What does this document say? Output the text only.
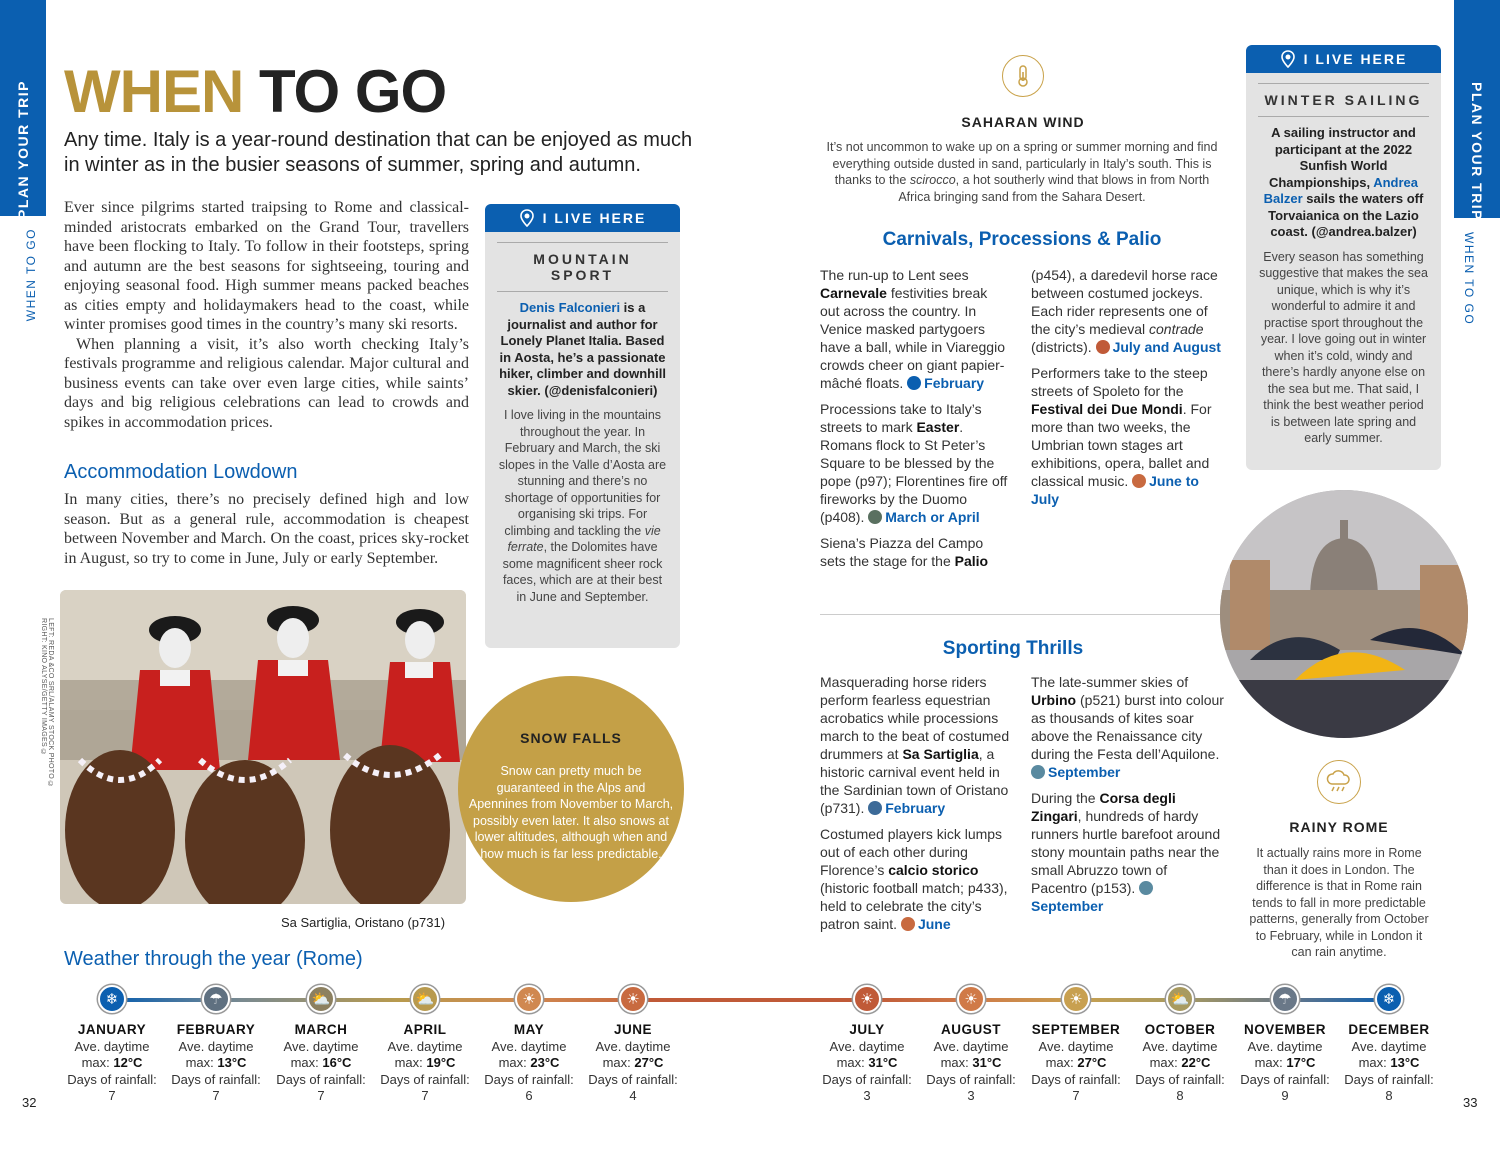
PLAN YOUR TRIP
WHEN TO GO
32
PLAN YOUR TRIP
WHEN TO GO
33
WHEN TO GO
Any time. Italy is a year-round destination that can be enjoyed as much in winter as in the busier seasons of summer, spring and autumn.

Ever since pilgrims started traipsing to Rome and classical-minded aristocrats embarked on the Grand Tour, travellers have been flocking to Italy. To follow in their footsteps, spring and autumn are the best seasons for sightseeing, touring and enjoying seasonal food. High summer means packed beaches as cities empty and holidaymakers head to the coast, while winter promises good times in the country’s many ski resorts.

When planning a visit, it’s also worth checking Italy’s festivals programme and religious calendar. Major cultural and business events can take over even large cities, while saints’ days and big religious celebrations can lead to crowds and spikes in accommodation prices.

Accommodation Lowdown
In many cities, there’s no precisely defined high and low season. But as a general rule, accommodation is cheapest between November and March. On the coast, prices sky-rocket in August, so try to come in June, July or early September.
I LIVE HERE
MOUNTAIN SPORT
Denis Falconieri is a journalist and author for Lonely Planet Italia. Based in Aosta, he’s a passionate hiker, climber and downhill skier. (@denisfalconieri)
I love living in the mountains throughout the year. In February and March, the ski slopes in the Valle d’Aosta are stunning and there’s no shortage of opportunities for organising ski trips. For climbing and tackling the vie ferrate, the Dolomites have some magnificent sheer rock faces, which are at their best in June and September.
LEFT: REDA &CO SRL/ALAMY STOCK PHOTO © RIGHT: KINO ALYSE/GETTY IMAGES ©
Sa Sartiglia, Oristano (p731)
SNOW FALLS
Snow can pretty much be guaranteed in the Alps and Apennines from November to March, possibly even later. It also snows at lower altitudes, although when and how much is far less predictable.
SAHARAN WIND
It’s not uncommon to wake up on a spring or summer morning and find everything outside dusted in sand, particularly in Italy’s south. This is thanks to the scirocco, a hot southerly wind that blows in from North Africa bringing sand from the Sahara Desert.
Carnivals, Processions & Palio

The run-up to Lent sees Carnevale festivities break out across the country. In Venice masked partygoers have a ball, while in Viareggio crowds cheer on giant papier-mâché floats. February

Processions take to Italy’s streets to mark Easter. Romans flock to St Peter’s Square to be blessed by the pope (p97); Florentines fire off fireworks by the Duomo (p408). March or April

Siena’s Piazza del Campo sets the stage for the Palio

(p454), a daredevil horse race between costumed jockeys. Each rider represents one of the city’s medieval contrade (districts). July and August

Performers take to the steep streets of Spoleto for the Festival dei Due Mondi. For more than two weeks, the Umbrian town stages art exhibitions, opera, ballet and classical music. June to July

Sporting Thrills

Masquerading horse riders perform fearless equestrian acrobatics while processions march to the beat of costumed drummers at Sa Sartiglia, a historic carnival event held in the Sardinian town of Oristano (p731). February

Costumed players kick lumps out of each other during Florence’s calcio storico (historic football match; p433), held to celebrate the city’s patron saint. June

The late-summer skies of Urbino (p521) burst into colour as thousands of kites soar above the Renaissance city during the Festa dell’Aquilone. September

During the Corsa degli Zingari, hundreds of hardy runners hurtle barefoot around stony mountain paths near the small Abruzzo town of Pacentro (p153). September

I LIVE HERE
WINTER SAILING
A sailing instructor and participant at the 2022 Sunfish World Championships, Andrea Balzer sails the waters off Torvaianica on the Lazio coast. (@andrea.balzer)
Every season has something suggestive that makes the sea unique, which is why it’s wonderful to admire it and practise sport throughout the year. I love going out in winter when it’s cold, windy and there’s hardly anyone else on the sea but me. That said, I think the best weather period is between late spring and early summer.
RAINY ROME
It actually rains more in Rome than it does in London. The difference is that in Rome rain tends to fall in more predictable patterns, generally from October to February, while in London it can rain anytime.
Weather through the year (Rome)
❄	☂	⛅	⛅	☀	☀	☀	☀	☀	⛅	☂	❄
JANUARY
Ave. daytime
max: 12°C
Days of rainfall:
7
FEBRUARY
Ave. daytime
max: 13°C
Days of rainfall:
7
MARCH
Ave. daytime
max: 16°C
Days of rainfall:
7
APRIL
Ave. daytime
max: 19°C
Days of rainfall:
7
MAY
Ave. daytime
max: 23°C
Days of rainfall:
6
JUNE
Ave. daytime
max: 27°C
Days of rainfall:
4
JULY
Ave. daytime
max: 31°C
Days of rainfall:
3
AUGUST
Ave. daytime
max: 31°C
Days of rainfall:
3
SEPTEMBER
Ave. daytime
max: 27°C
Days of rainfall:
7
OCTOBER
Ave. daytime
max: 22°C
Days of rainfall:
8
NOVEMBER
Ave. daytime
max: 17°C
Days of rainfall:
9
DECEMBER
Ave. daytime
max: 13°C
Days of rainfall:
8
